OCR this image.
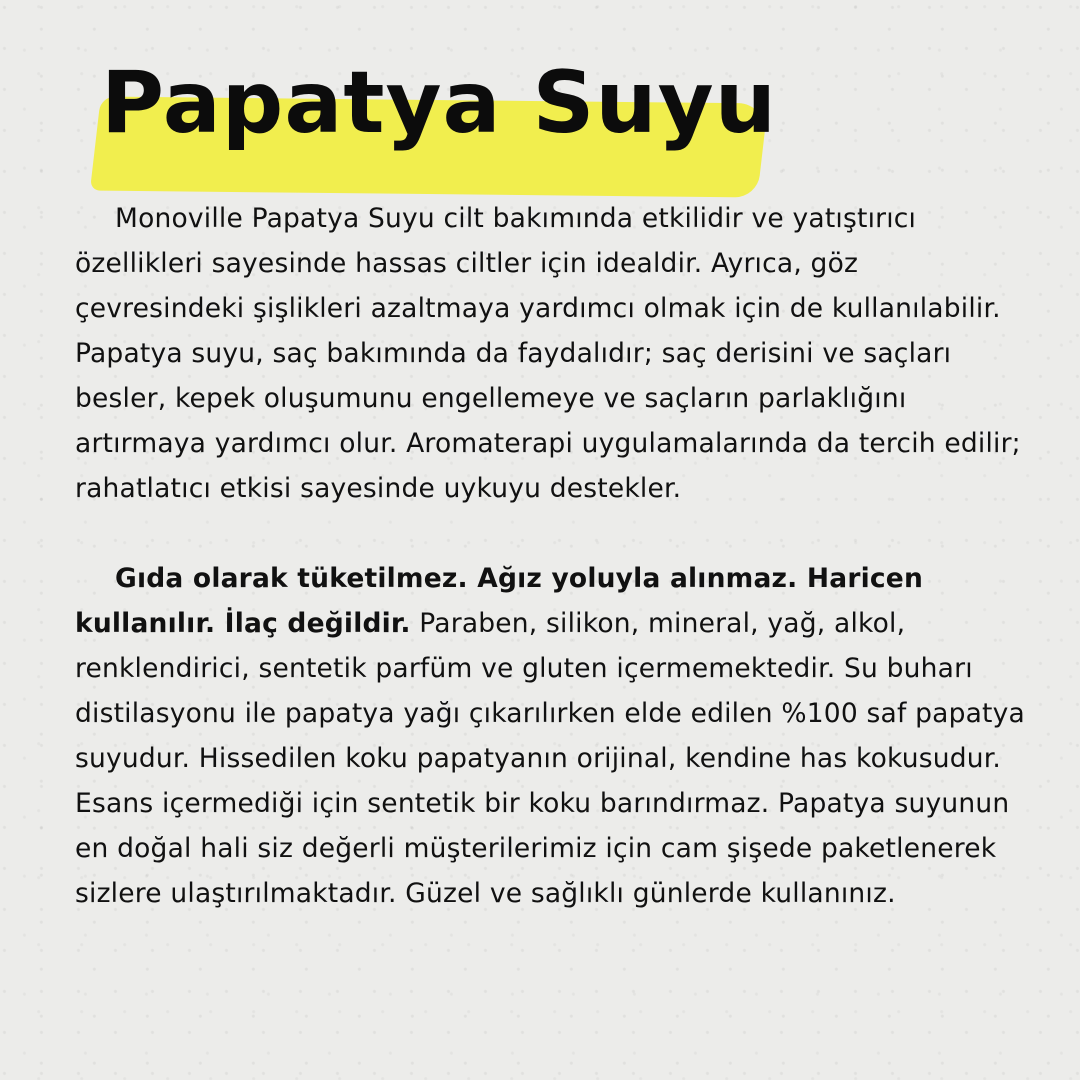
Papatya Suyu

Monoville Papatya Suyu cilt bakımında etkilidir ve yatıştırıcı özellikleri sayesinde hassas ciltler için idealdir. Ayrıca, göz çevresindeki şişlikleri azaltmaya yardımcı olmak için de kullanılabilir. Papatya suyu, saç bakımında da faydalıdır; saç derisini ve saçları besler, kepek oluşumunu engellemeye ve saçların parlaklığını artırmaya yardımcı olur. Aromaterapi uygulamalarında da tercih edilir; rahatlatıcı etkisi sayesinde uykuyu destekler.

Gıda olarak tüketilmez. Ağız yoluyla alınmaz. Haricen kullanılır. İlaç değildir. Paraben, silikon, mineral, yağ, alkol, renklendirici, sentetik parfüm ve gluten içermemektedir. Su buharı distilasyonu ile papatya yağı çıkarılırken elde edilen %100 saf papatya suyudur. Hissedilen koku papatyanın orijinal, kendine has kokusudur. Esans içermediği için sentetik bir koku barındırmaz. Papatya suyunun en doğal hali siz değerli müşterilerimiz için cam şişede paketlenerek sizlere ulaştırılmaktadır. Güzel ve sağlıklı günlerde kullanınız.
